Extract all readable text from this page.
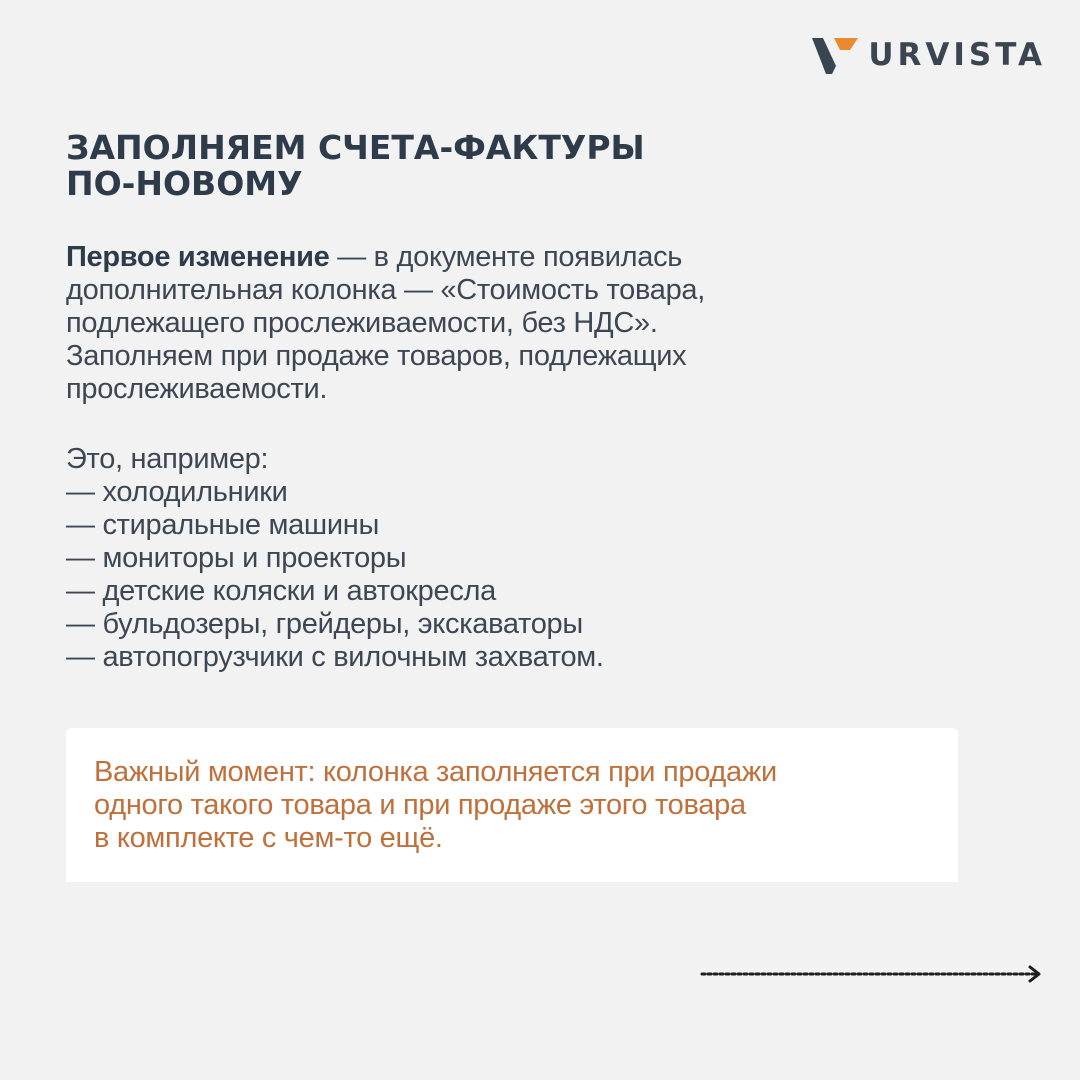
URVISTA
ЗАПОЛНЯЕМ СЧЕТА-ФАКТУРЫ
ПО-НОВОМУ

Первое изменение — в документе появилась
дополнительная колонка — «Стоимость товара,
подлежащего прослеживаемости, без НДС».
Заполняем при продаже товаров, подлежащих
прослеживаемости.

Это, например:
— холодильники
— стиральные машины
— мониторы и проекторы
— детские коляски и автокресла
— бульдозеры, грейдеры, экскаваторы
— автопогрузчики с вилочным захватом.
Важный момент: колонка заполняется при продажи
одного такого товара и при продаже этого товара
в комплекте с чем-то ещё.
